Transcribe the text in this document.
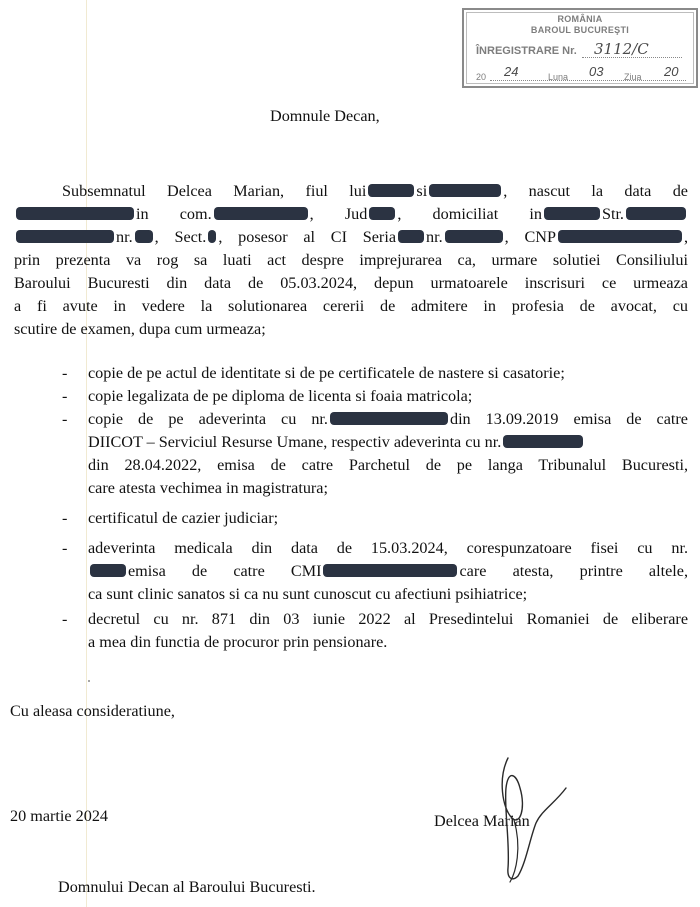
ROMÂNIA
BAROUL BUCUREŞTI
ÎNREGISTRARE Nr. 3112/C
20 24	Luna 03 Ziua 20
Domnule Decan,
Subsemnatul Delcea Marian, fiul lui	si	, nascut la data de
in com.	, Jud , domiciliat in	Str.
nr. , Sect. , posesor al CI Seria nr.	, CNP	,
prin prezenta va rog sa luati act despre imprejurarea ca, urmare solutiei Consiliului
Baroului Bucuresti din data de 05.03.2024, depun urmatoarele inscrisuri ce urmeaza
a fi avute in vedere la solutionarea cererii de admitere in profesia de avocat, cu
scutire de examen, dupa cum urmeaza;
- copie de pe actul de identitate si de pe certificatele de nastere si casatorie;
- copie legalizata de pe diploma de licenta si foaia matricola;
- copie de pe adeverinta cu nr.	din 13.09.2019 emisa de catre
DIICOT – Serviciul Resurse Umane, respectiv adeverinta cu nr.
din 28.04.2022, emisa de catre Parchetul de pe langa Tribunalul Bucuresti,
care atesta vechimea in magistratura;
- certificatul de cazier judiciar;
- adeverinta medicala din data de 15.03.2024, corespunzatoare fisei cu nr.
emisa de catre CMI	care atesta, printre altele,
ca sunt clinic sanatos si ca nu sunt cunoscut cu afectiuni psihiatrice;
- decretul cu nr. 871 din 03 iunie 2022 al Presedintelui Romaniei de eliberare
a mea din functia de procuror prin pensionare.
Cu aleasa consideratiune,
20 martie 2024	Delcea Marian
Domnului Decan al Baroului Bucuresti.
